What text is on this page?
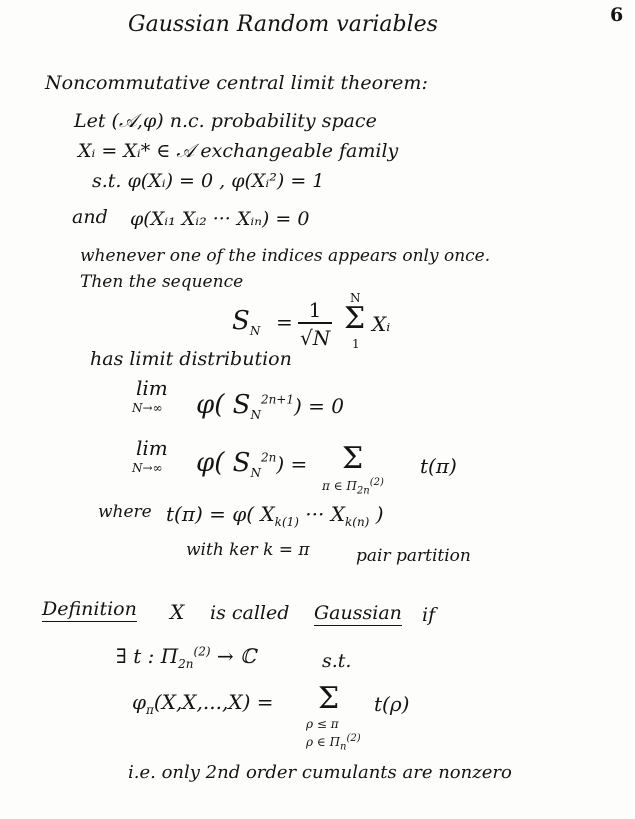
6
Gaussian Random variables
Noncommutative central limit theorem:
Let (𝒜,φ) n.c. probability space
Xᵢ = Xᵢ* ∈ 𝒜 exchangeable family
s.t. φ(Xᵢ) = 0 , φ(Xᵢ²) = 1
and φ(Xᵢ₁ Xᵢ₂ ··· Xᵢₙ) = 0
whenever one of the indices appears only once.
Then the sequence
$S_N = 1$
√N
N
Σ
1
Xᵢ
has limit distribution
lim
N→∞ φ( $S_N^{2n+1}) = 0$
lim
N→∞ φ( $S_N^{2n}) = \Sigma$
π ∈ $\Pi_{2n}^{(2)}$
t(π)
where t(π) = φ( $X_{k(1)}$ ··· $X_{k(n)}$ )
with ker k = π	pair partition
Definition X is called Gaussian if
∃ t : $\Pi_{2n}^{(2)}$ → ℂ	s.t.
$\varphi_\pi(X,X,...,X) = \Sigma$
ρ ≤ π
ρ ∈ $\Pi_n^{(2)}$
t(ρ)
i.e. only 2nd order cumulants are nonzero
